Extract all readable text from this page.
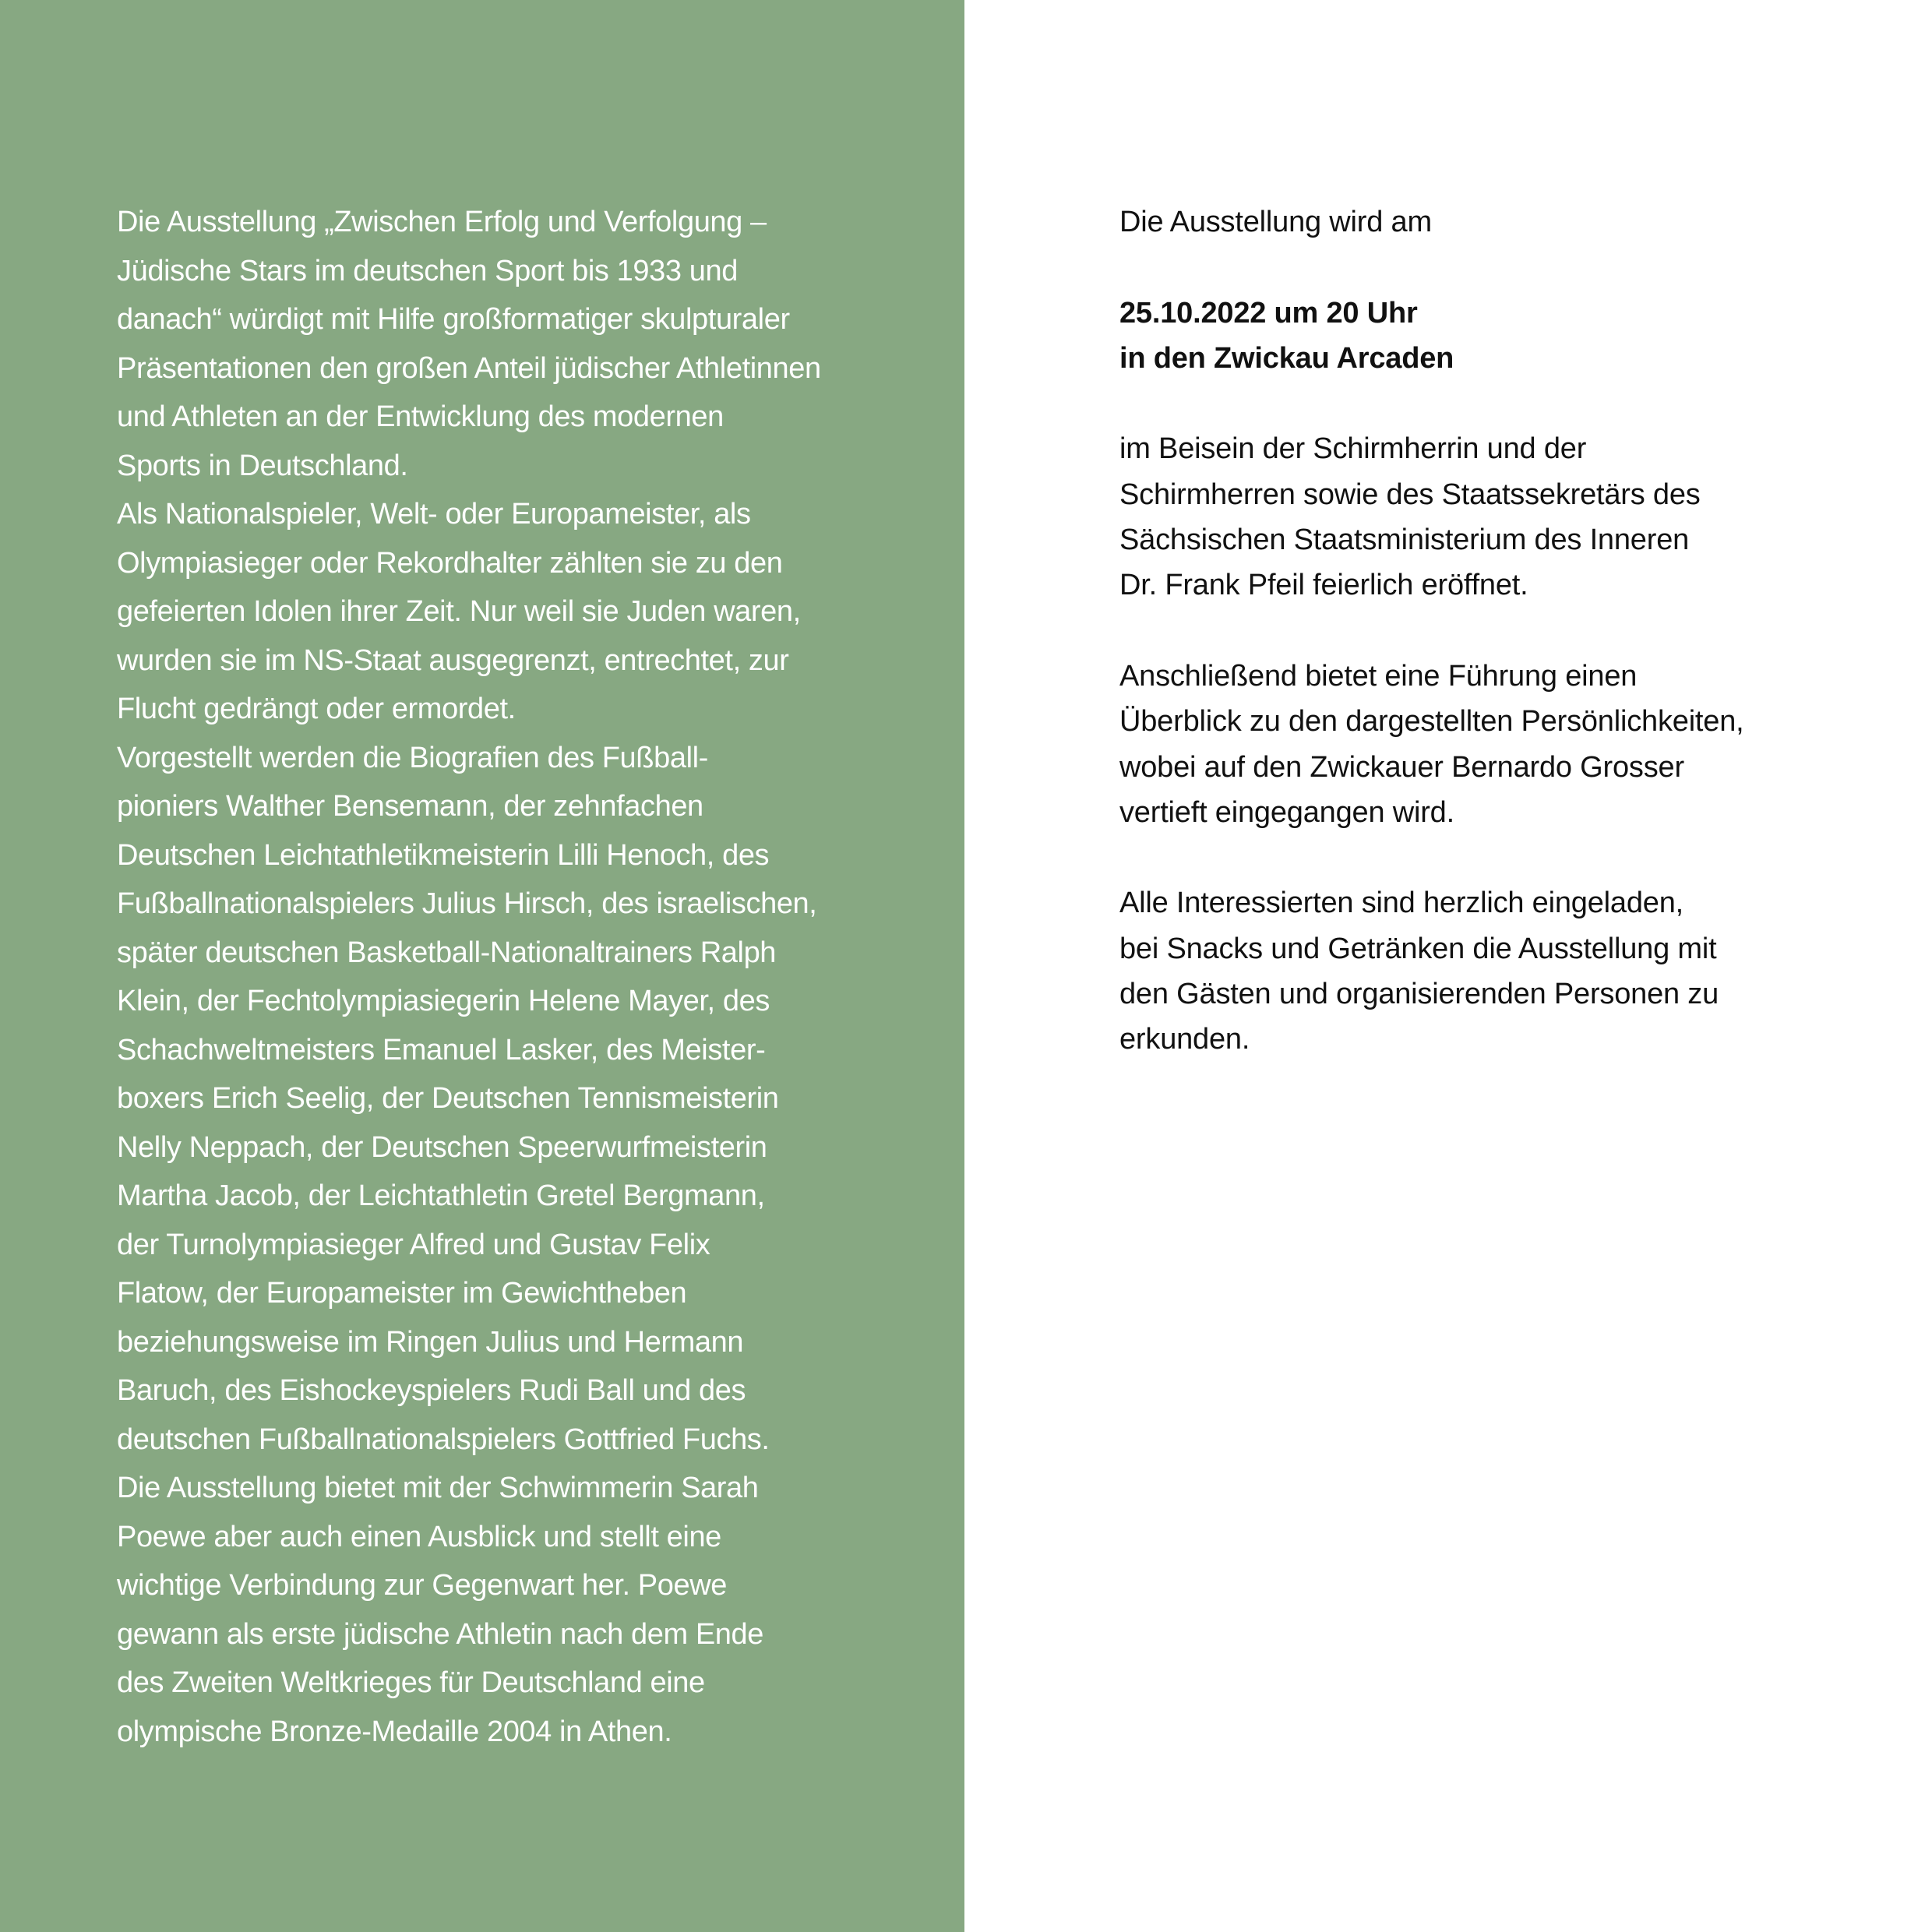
Die Ausstellung „Zwischen Erfolg und Verfolgung –
Jüdische Stars im deutschen Sport bis 1933 und
danach“ würdigt mit Hilfe großformatiger skulpturaler
Präsentationen den großen Anteil jüdischer Athletinnen
und Athleten an der Entwicklung des modernen
Sports in Deutschland.
Als Nationalspieler, Welt- oder Europameister, als
Olympiasieger oder Rekordhalter zählten sie zu den
gefeierten Idolen ihrer Zeit. Nur weil sie Juden waren,
wurden sie im NS-Staat ausgegrenzt, entrechtet, zur
Flucht gedrängt oder ermordet.
Vorgestellt werden die Biografien des Fußball-
pioniers Walther Bensemann, der zehnfachen
Deutschen Leichtathletikmeisterin Lilli Henoch, des
Fußballnationalspielers Julius Hirsch, des israelischen,
später deutschen Basketball-Nationaltrainers Ralph
Klein, der Fechtolympiasiegerin Helene Mayer, des
Schachweltmeisters Emanuel Lasker, des Meister-
boxers Erich Seelig, der Deutschen Tennismeisterin
Nelly Neppach, der Deutschen Speerwurfmeisterin
Martha Jacob, der Leichtathletin Gretel Bergmann,
der Turnolympiasieger Alfred und Gustav Felix
Flatow, der Europameister im Gewichtheben
beziehungsweise im Ringen Julius und Hermann
Baruch, des Eishockeyspielers Rudi Ball und des
deutschen Fußballnationalspielers Gottfried Fuchs.
Die Ausstellung bietet mit der Schwimmerin Sarah
Poewe aber auch einen Ausblick und stellt eine
wichtige Verbindung zur Gegenwart her. Poewe
gewann als erste jüdische Athletin nach dem Ende
des Zweiten Weltkrieges für Deutschland eine
olympische Bronze-Medaille 2004 in Athen.
Die Ausstellung wird am
25.10.2022 um 20 Uhr
in den Zwickau Arcaden
im Beisein der Schirmherrin und der
Schirmherren sowie des Staatssekretärs des
Sächsischen Staatsministerium des Inneren
Dr. Frank Pfeil feierlich eröffnet.
Anschließend bietet eine Führung einen
Überblick zu den dargestellten Persönlichkeiten,
wobei auf den Zwickauer Bernardo Grosser
vertieft eingegangen wird.
Alle Interessierten sind herzlich eingeladen,
bei Snacks und Getränken die Ausstellung mit
den Gästen und organisierenden Personen zu
erkunden.
